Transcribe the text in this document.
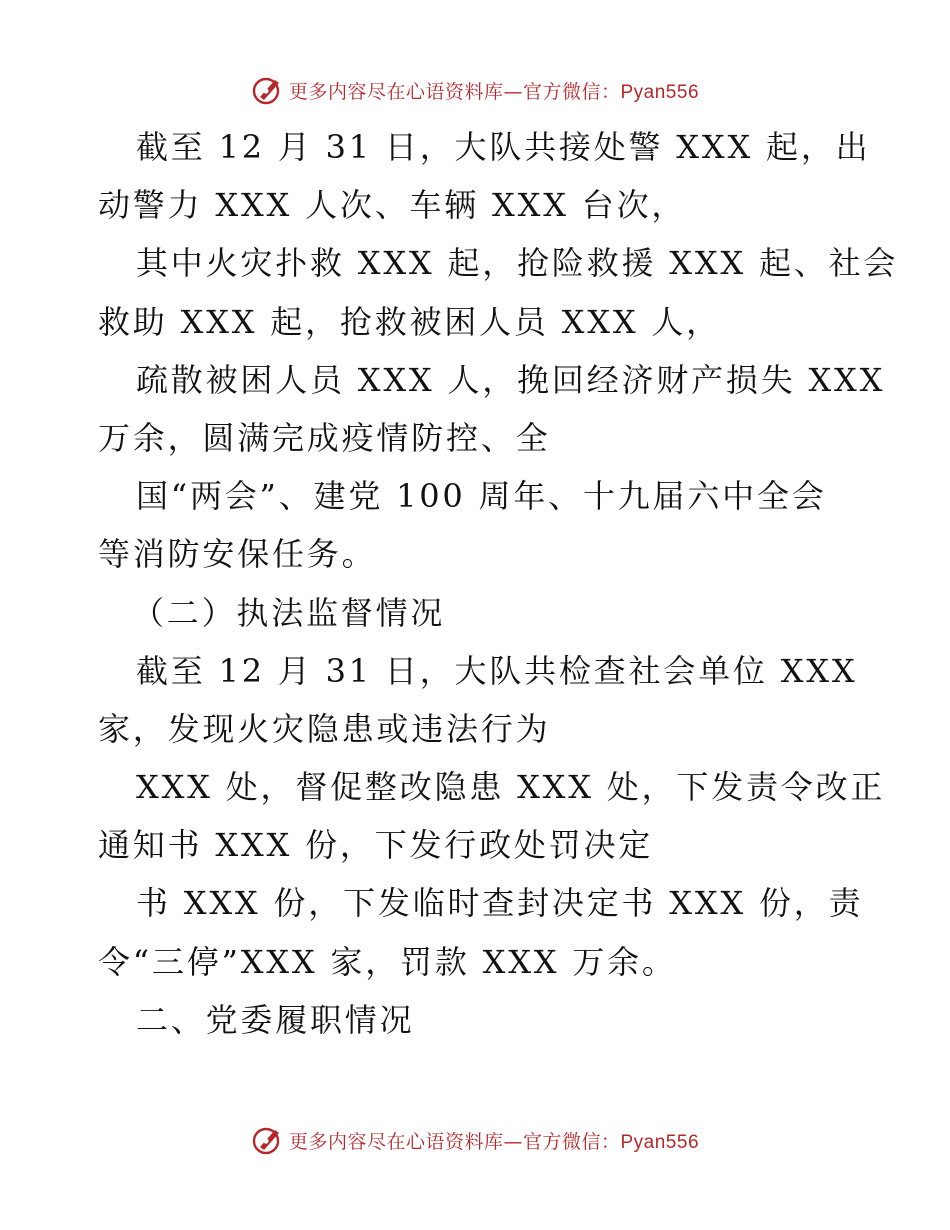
更多内容尽在心语资料库—官方微信：Pyan556
截至 12 月 31 日，大队共接处警 XXX 起，出
动警力 XXX 人次、车辆 XXX 台次，
其中火灾扑救 XXX 起，抢险救援 XXX 起、社会
救助 XXX 起，抢救被困人员 XXX 人，
疏散被困人员 XXX 人，挽回经济财产损失 XXX
万余，圆满完成疫情防控、全
国“两会”、建党 100 周年、十九届六中全会
等消防安保任务。
（二）执法监督情况
截至 12 月 31 日，大队共检查社会单位 XXX
家，发现火灾隐患或违法行为
XXX 处，督促整改隐患 XXX 处，下发责令改正
通知书 XXX 份，下发行政处罚决定
书 XXX 份，下发临时查封决定书 XXX 份，责
令“三停”XXX 家，罚款 XXX 万余。
二、党委履职情况
更多内容尽在心语资料库—官方微信：Pyan556
